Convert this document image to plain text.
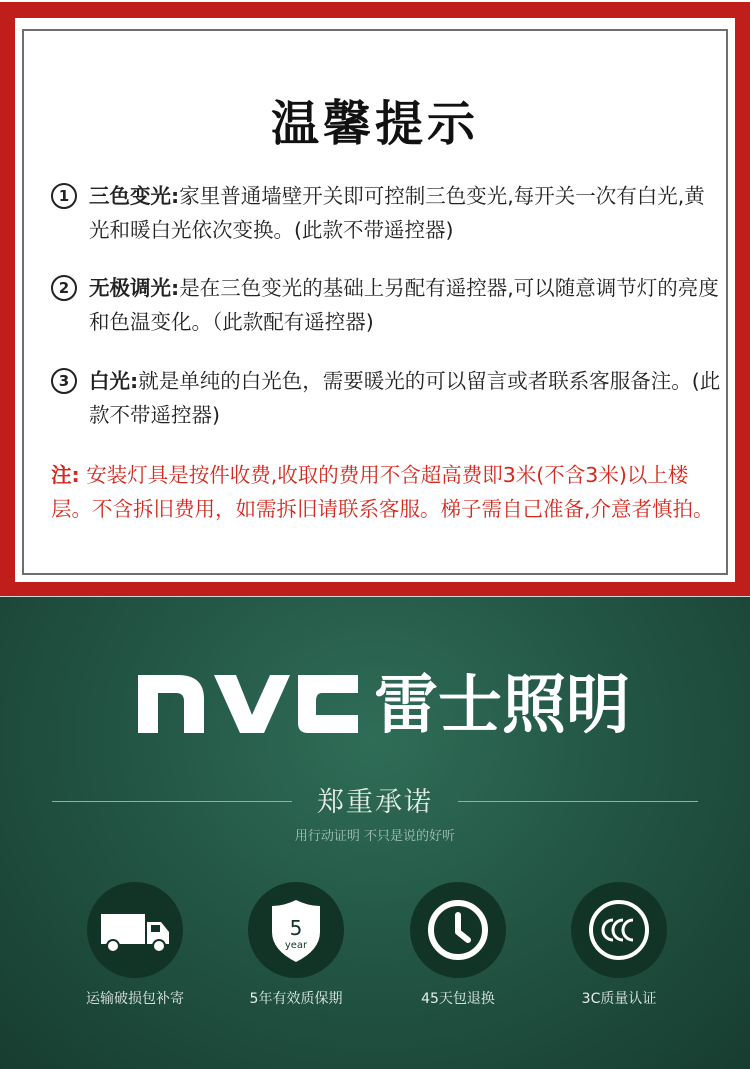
温馨提示
1 三色变光:家里普通墙壁开关即可控制三色变光,每开关一次有白光,黄光和暖白光依次变换。(此款不带遥控器)
2 无极调光:是在三色变光的基础上另配有遥控器,可以随意调节灯的亮度和色温变化。（此款配有遥控器)
3 白光:就是单纯的白光色，需要暖光的可以留言或者联系客服备注。(此款不带遥控器)
注: 安装灯具是按件收费,收取的费用不含超高费即3米(不含3米)以上楼层。不含拆旧费用，如需拆旧请联系客服。梯子需自己准备,介意者慎拍。
雷士照明
郑重承诺
用行动证明 不只是说的好听
运输破损包补寄
5
year
5年有效质保期	45天包退换	3C质量认证
